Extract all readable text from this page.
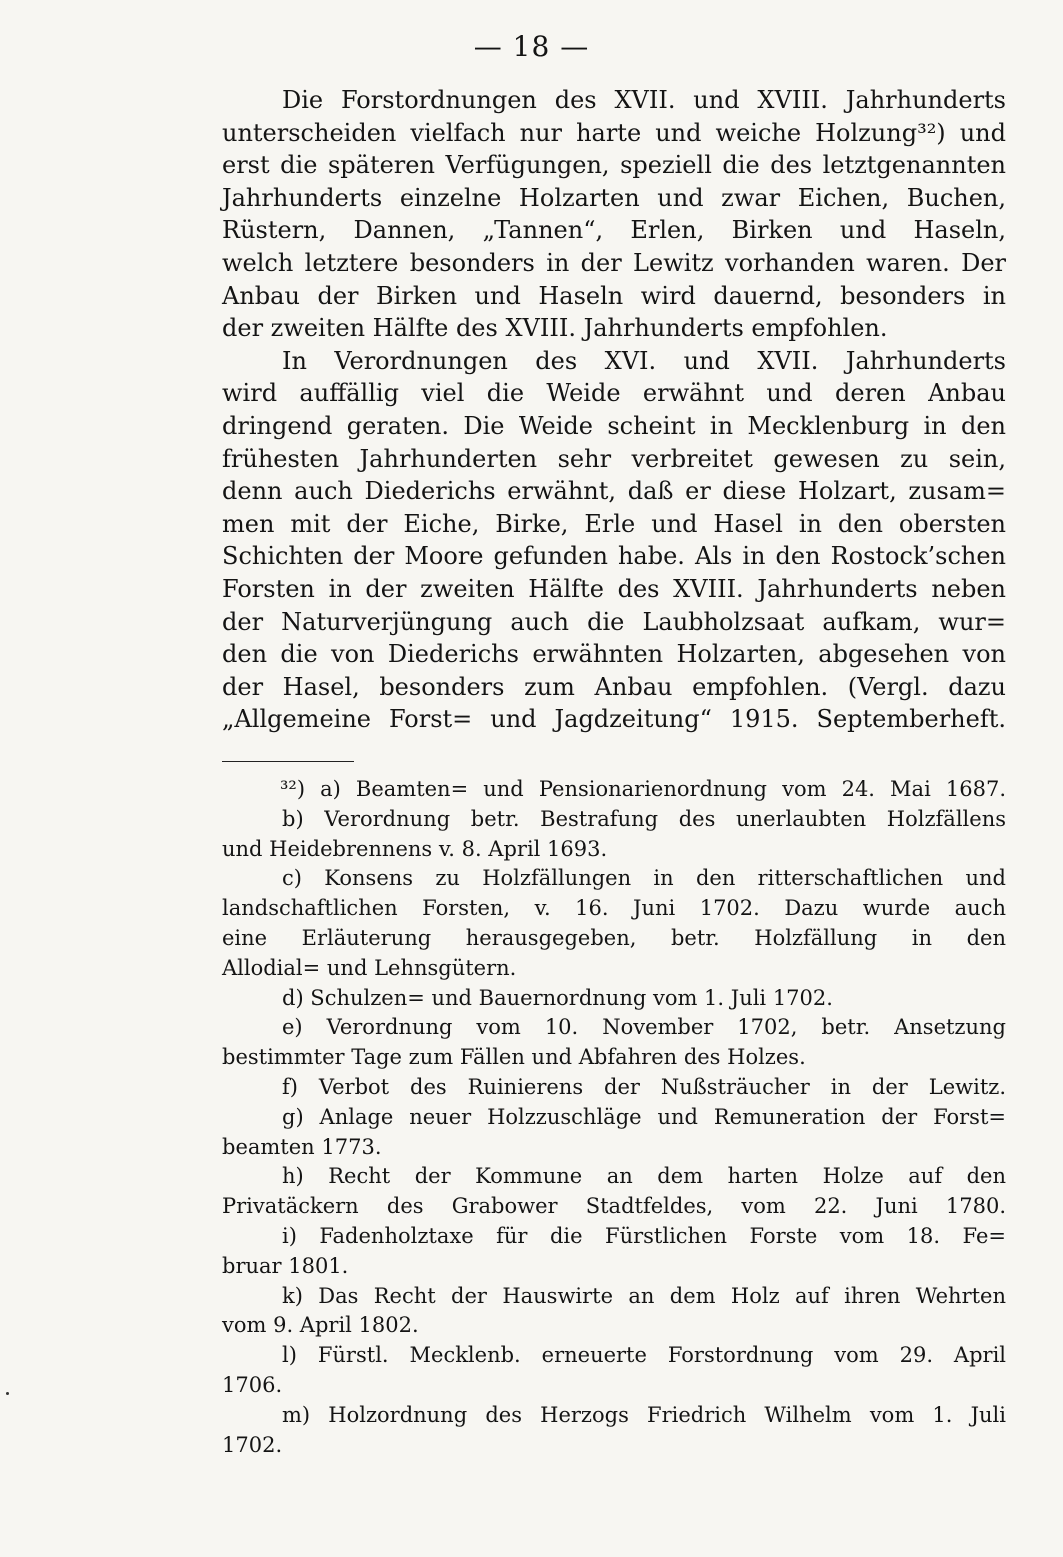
— 18 —
Die Forstordnungen des XVII. und XVIII. Jahrhunderts
unterscheiden vielfach nur harte und weiche Holzung³²) und
erst die späteren Verfügungen, speziell die des letztgenannten
Jahrhunderts einzelne Holzarten und zwar Eichen, Buchen,
Rüstern, Dannen, „Tannen“, Erlen, Birken und Haseln,
welch letztere besonders in der Lewitz vorhanden waren. Der
Anbau der Birken und Haseln wird dauernd, besonders in
der zweiten Hälfte des XVIII. Jahrhunderts empfohlen.
In Verordnungen des XVI. und XVII. Jahrhunderts
wird auffällig viel die Weide erwähnt und deren Anbau
dringend geraten. Die Weide scheint in Mecklenburg in den
frühesten Jahrhunderten sehr verbreitet gewesen zu sein,
denn auch Diederichs erwähnt, daß er diese Holzart, zusam=
men mit der Eiche, Birke, Erle und Hasel in den obersten
Schichten der Moore gefunden habe. Als in den Rostock’schen
Forsten in der zweiten Hälfte des XVIII. Jahrhunderts neben
der Naturverjüngung auch die Laubholzsaat aufkam, wur=
den die von Diederichs erwähnten Holzarten, abgesehen von
der Hasel, besonders zum Anbau empfohlen. (Vergl. dazu
„Allgemeine Forst= und Jagdzeitung“ 1915. Septemberheft.
³²) a) Beamten= und Pensionarienordnung vom 24. Mai 1687.
b) Verordnung betr. Bestrafung des unerlaubten Holzfällens
und Heidebrennens v. 8. April 1693.
c) Konsens zu Holzfällungen in den ritterschaftlichen und
landschaftlichen Forsten, v. 16. Juni 1702. Dazu wurde auch
eine Erläuterung herausgegeben, betr. Holzfällung in den
Allodial= und Lehnsgütern.
d) Schulzen= und Bauernordnung vom 1. Juli 1702.
e) Verordnung vom 10. November 1702, betr. Ansetzung
bestimmter Tage zum Fällen und Abfahren des Holzes.
f) Verbot des Ruinierens der Nußsträucher in der Lewitz.
g) Anlage neuer Holzzuschläge und Remuneration der Forst=
beamten 1773.
h) Recht der Kommune an dem harten Holze auf den
Privatäckern des Grabower Stadtfeldes, vom 22. Juni 1780.
i) Fadenholztaxe für die Fürstlichen Forste vom 18. Fe=
bruar 1801.
k) Das Recht der Hauswirte an dem Holz auf ihren Wehrten
vom 9. April 1802.
l) Fürstl. Mecklenb. erneuerte Forstordnung vom 29. April
1706.
m) Holzordnung des Herzogs Friedrich Wilhelm vom 1. Juli
1702.
